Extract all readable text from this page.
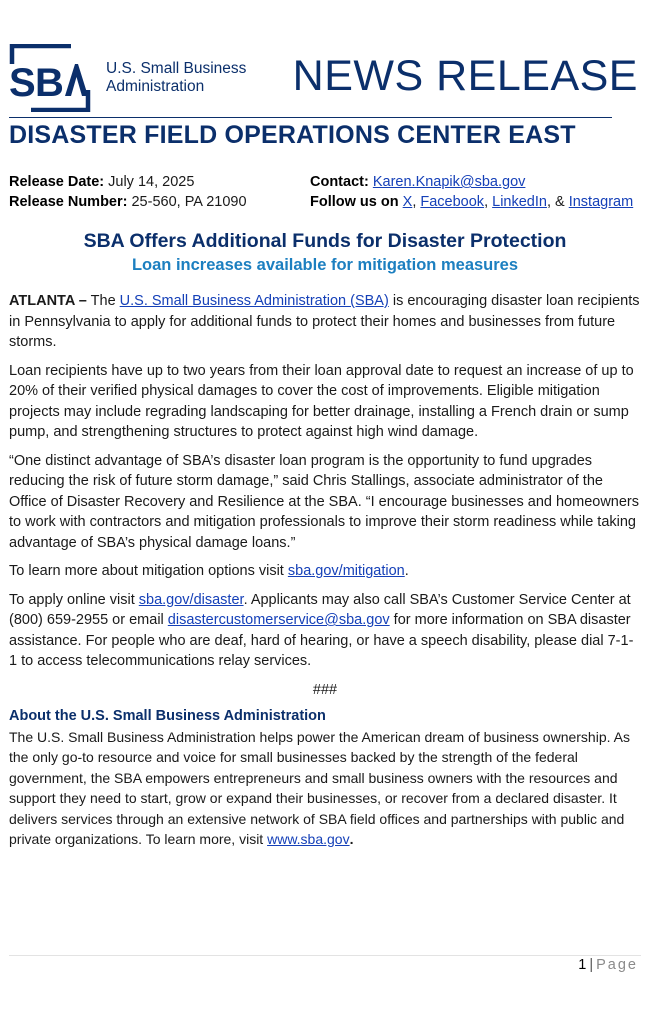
S B	U.S. Small Business
Administration	NEWS RELEASE
DISASTER FIELD OPERATIONS CENTER EAST
Release Date: July 14, 2025
Release Number: 25-560, PA 21090
Contact: Karen.Knapik@sba.gov
Follow us on X, Facebook, LinkedIn, & Instagram
SBA Offers Additional Funds for Disaster Protection
Loan increases available for mitigation measures

ATLANTA – The U.S. Small Business Administration (SBA) is encouraging disaster loan recipients in Pennsylvania to apply for additional funds to protect their homes and businesses from future storms.

Loan recipients have up to two years from their loan approval date to request an increase of up to 20% of their verified physical damages to cover the cost of improvements. Eligible mitigation projects may include regrading landscaping for better drainage, installing a French drain or sump pump, and strengthening structures to protect against high wind damage.

“One distinct advantage of SBA’s disaster loan program is the opportunity to fund upgrades reducing the risk of future storm damage,” said Chris Stallings, associate administrator of the Office of Disaster Recovery and Resilience at the SBA. “I encourage businesses and homeowners to work with contractors and mitigation professionals to improve their storm readiness while taking advantage of SBA’s physical damage loans.”

To learn more about mitigation options visit sba.gov/mitigation.

To apply online visit sba.gov/disaster. Applicants may also call SBA’s Customer Service Center at (800) 659-2955 or email disastercustomerservice@sba.gov for more information on SBA disaster assistance. For people who are deaf, hard of hearing, or have a speech disability, please dial 7-1-1 to access telecommunications relay services.

###

About the U.S. Small Business Administration

The U.S. Small Business Administration helps power the American dream of business ownership. As the only go-to resource and voice for small businesses backed by the strength of the federal government, the SBA empowers entrepreneurs and small business owners with the resources and support they need to start, grow or expand their businesses, or recover from a declared disaster. It delivers services through an extensive network of SBA field offices and partnerships with public and private organizations. To learn more, visit www.sba.gov.

1 | Page
